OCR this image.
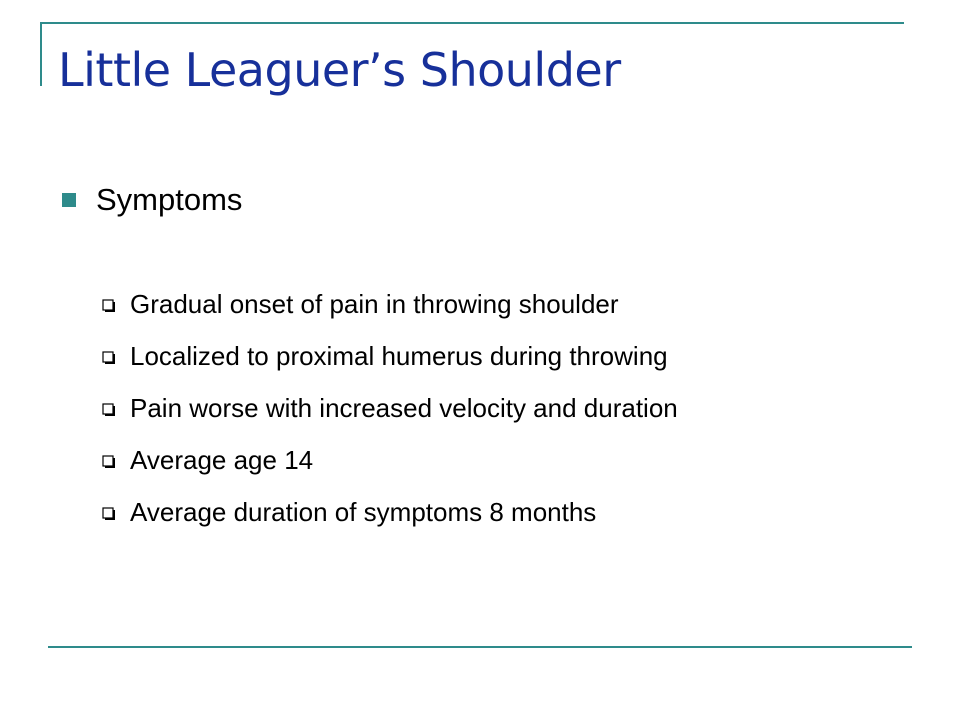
Little Leaguer’s Shoulder
Symptoms
Gradual onset of pain in throwing shoulder
Localized to proximal humerus during throwing
Pain worse with increased velocity and duration
Average age 14
Average duration of symptoms 8 months
